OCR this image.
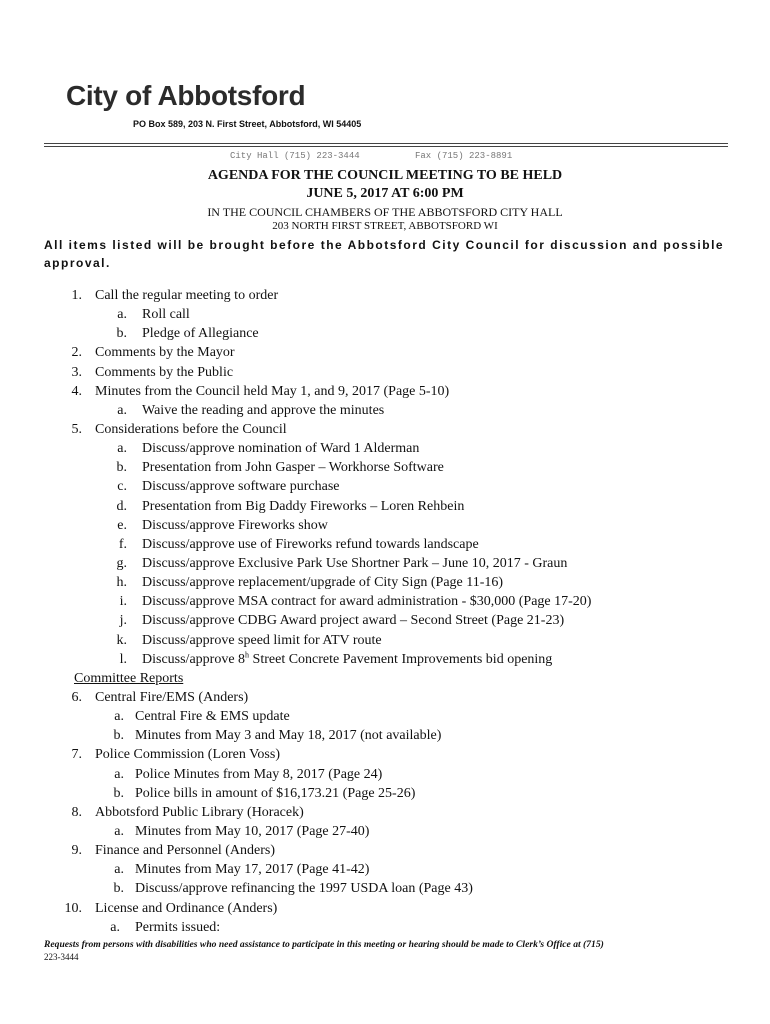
City of Abbotsford
PO Box 589, 203 N. First Street, Abbotsford, WI 54405
City Hall (715) 223-3444	Fax (715) 223-8891
AGENDA FOR THE COUNCIL MEETING TO BE HELD
JUNE 5, 2017 AT 6:00 PM
IN THE COUNCIL CHAMBERS OF THE ABBOTSFORD CITY HALL
203 NORTH FIRST STREET, ABBOTSFORD WI
All items listed will be brought before the Abbotsford City Council for discussion and possible approval.
1. Call the regular meeting to order
a. Roll call
b. Pledge of Allegiance
2. Comments by the Mayor
3. Comments by the Public
4. Minutes from the Council held May 1, and 9, 2017 (Page 5-10)
a. Waive the reading and approve the minutes
5. Considerations before the Council
a. Discuss/approve nomination of Ward 1 Alderman
b. Presentation from John Gasper – Workhorse Software
c. Discuss/approve software purchase
d. Presentation from Big Daddy Fireworks – Loren Rehbein
e. Discuss/approve Fireworks show
f. Discuss/approve use of Fireworks refund towards landscape
g. Discuss/approve Exclusive Park Use Shortner Park – June 10, 2017 - Graun
h. Discuss/approve replacement/upgrade of City Sign (Page 11-16)
i. Discuss/approve MSA contract for award administration - $30,000 (Page 17-20)
j. Discuss/approve CDBG Award project award – Second Street (Page 21-23)
k. Discuss/approve speed limit for ATV route
l. Discuss/approve 8$^h$ Street Concrete Pavement Improvements bid opening
Committee Reports
6. Central Fire/EMS (Anders)
a. Central Fire & EMS update
b. Minutes from May 3 and May 18, 2017 (not available)
7. Police Commission (Loren Voss)
a. Police Minutes from May 8, 2017 (Page 24)
b. Police bills in amount of $16,173.21 (Page 25-26)
8. Abbotsford Public Library (Horacek)
a. Minutes from May 10, 2017 (Page 27-40)
9. Finance and Personnel (Anders)
a. Minutes from May 17, 2017 (Page 41-42)
b. Discuss/approve refinancing the 1997 USDA loan (Page 43)
10. License and Ordinance (Anders)
a. Permits issued:
Requests from persons with disabilities who need assistance to participate in this meeting or hearing should be made to Clerk’s Office at (715)
223-3444
